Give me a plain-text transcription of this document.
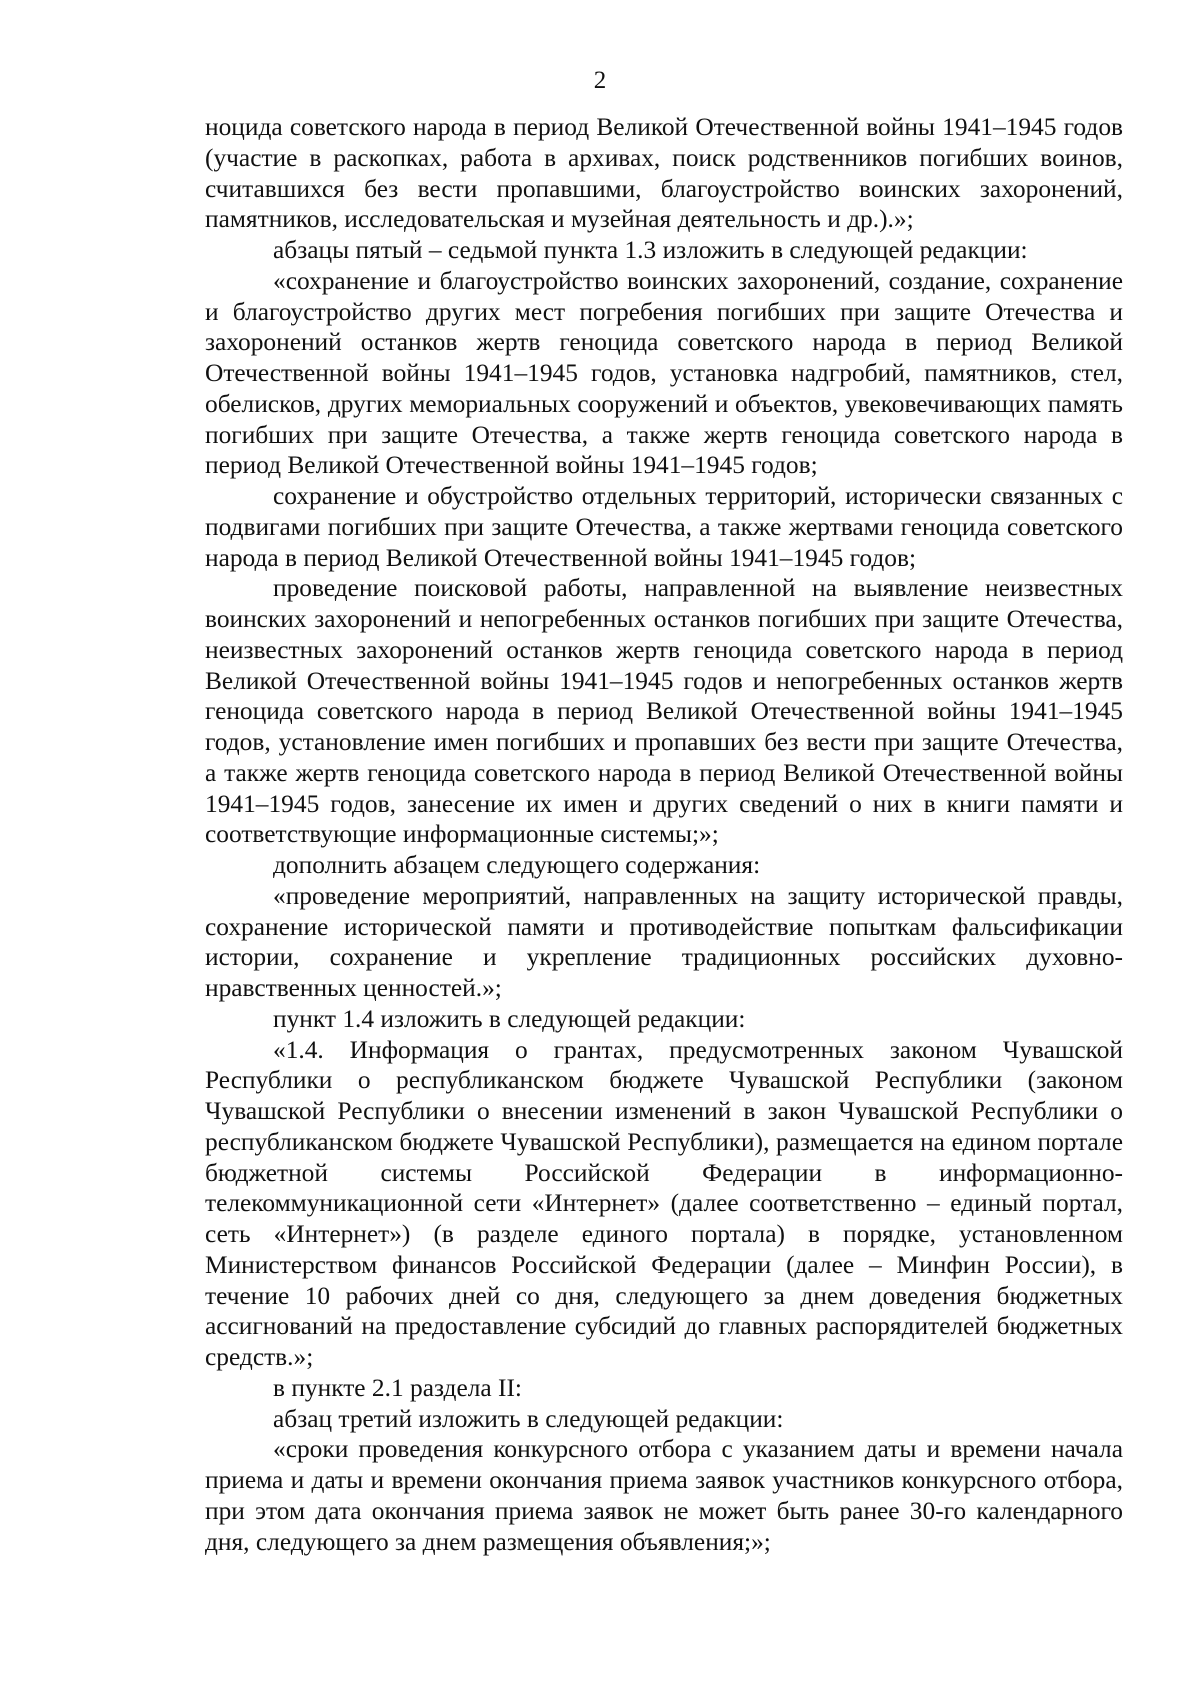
2

ноцида советского народа в период Великой Отечественной войны 1941–1945 годов (участие в раскопках, работа в архивах, поиск родственников погибших воинов, считавшихся без вести пропавшими, благоустройство воинских захоронений, памятников, исследовательская и музейная деятельность и др.).»;

абзацы пятый – седьмой пункта 1.3 изложить в следующей редакции:

«сохранение и благоустройство воинских захоронений, создание, сохранение и благоустройство других мест погребения погибших при защите Отечества и захоронений останков жертв геноцида советского народа в период Великой Отечественной войны 1941–1945 годов, установка надгробий, памятников, стел, обелисков, других мемориальных сооружений и объектов, увековечивающих память погибших при защите Отечества, а также жертв геноцида советского народа в период Великой Отечественной войны 1941–1945 годов;

сохранение и обустройство отдельных территорий, исторически связанных с подвигами погибших при защите Отечества, а также жертвами геноцида советского народа в период Великой Отечественной войны 1941–1945 годов;

проведение поисковой работы, направленной на выявление неизвестных воинских захоронений и непогребенных останков погибших при защите Отечества, неизвестных захоронений останков жертв геноцида советского народа в период Великой Отечественной войны 1941–1945 годов и непогребенных останков жертв геноцида советского народа в период Великой Отечественной войны 1941–1945 годов, установление имен погибших и пропавших без вести при защите Отечества, а также жертв геноцида советского народа в период Великой Отечественной войны 1941–1945 годов, занесение их имен и других сведений о них в книги памяти и соответствующие информационные системы;»;

дополнить абзацем следующего содержания:

«проведение мероприятий, направленных на защиту исторической правды, сохранение исторической памяти и противодействие попыткам фальсификации истории, сохранение и укрепление традиционных российских духовно-нравственных ценностей.»;

пункт 1.4 изложить в следующей редакции:

«1.4. Информация о грантах, предусмотренных законом Чувашской Республики о республиканском бюджете Чувашской Республики (законом Чувашской Республики о внесении изменений в закон Чувашской Республики о республиканском бюджете Чувашской Республики), размещается на едином портале бюджетной системы Российской Федерации в информационно-телекоммуникационной сети «Интернет» (далее соответственно – единый портал, сеть «Интернет») (в разделе единого портала) в порядке, установленном Министерством финансов Российской Федерации (далее – Минфин России), в течение 10 рабочих дней со дня, следующего за днем доведения бюджетных ассигнований на предоставление субсидий до главных распорядителей бюджетных средств.»;

в пункте 2.1 раздела II:

абзац третий изложить в следующей редакции:

«сроки проведения конкурсного отбора с указанием даты и времени начала приема и даты и времени окончания приема заявок участников конкурсного отбора, при этом дата окончания приема заявок не может быть ранее 30-го календарного дня, следующего за днем размещения объявления;»;
